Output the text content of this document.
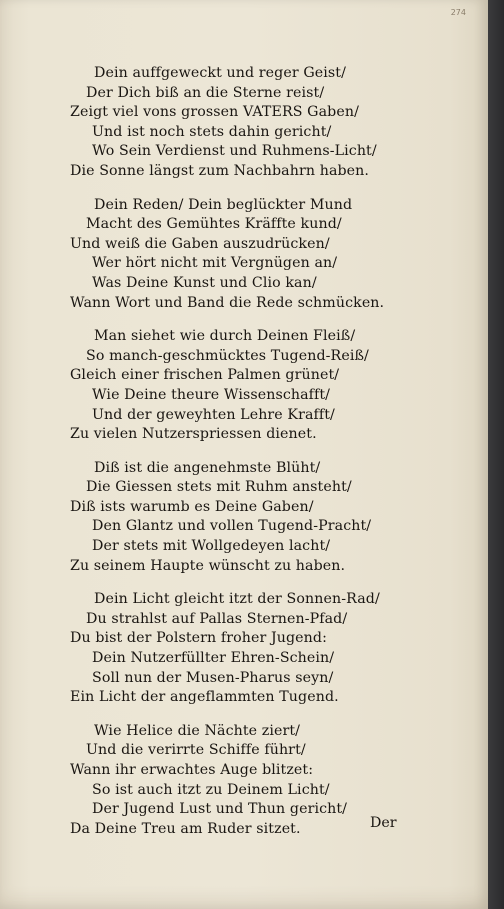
274

Dein auffgeweckt und reger Geist/
Der Dich biß an die Sterne reist/
Zeigt viel vons grossen VATERS Gaben/
Und ist noch stets dahin gericht/
Wo Sein Verdienst und Ruhmens-Licht/
Die Sonne längst zum Nachbahrn haben.
Dein Reden/ Dein beglückter Mund
Macht des Gemühtes Kräffte kund/
Und weiß die Gaben auszudrücken/
Wer hört nicht mit Vergnügen an/
Was Deine Kunst und Clio kan/
Wann Wort und Band die Rede schmücken.
Man siehet wie durch Deinen Fleiß/
So manch-geschmücktes Tugend-Reiß/
Gleich einer frischen Palmen grünet/
Wie Deine theure Wissenschafft/
Und der geweyhten Lehre Krafft/
Zu vielen Nutzerspriessen dienet.
Diß ist die angenehmste Blüht/
Die Giessen stets mit Ruhm ansteht/
Diß ists warumb es Deine Gaben/
Den Glantz und vollen Tugend-Pracht/
Der stets mit Wollgedeyen lacht/
Zu seinem Haupte wünscht zu haben.
Dein Licht gleicht itzt der Sonnen-Rad/
Du strahlst auf Pallas Sternen-Pfad/
Du bist der Polstern froher Jugend:
Dein Nutzerfüllter Ehren-Schein/
Soll nun der Musen-Pharus seyn/
Ein Licht der angeflammten Tugend.
Wie Helice die Nächte ziert/
Und die verirrte Schiffe führt/
Wann ihr erwachtes Auge blitzet:
So ist auch itzt zu Deinem Licht/
Der Jugend Lust und Thun gericht/
Da Deine Treu am Ruder sitzet.	Der
